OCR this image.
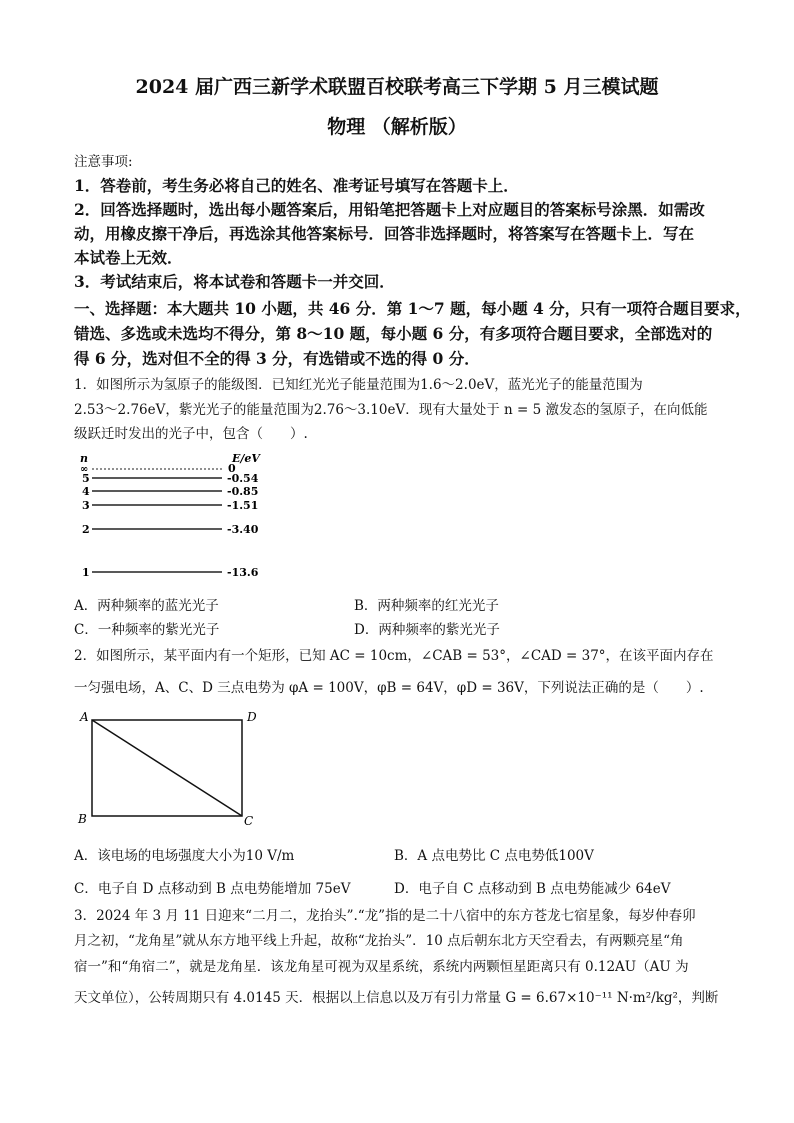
2024 届广西三新学术联盟百校联考高三下学期 5 月三模试题
物理 （解析版）
注意事项:
1．答卷前，考生务必将自己的姓名、准考证号填写在答题卡上．
2．回答选择题时，选出每小题答案后，用铅笔把答题卡上对应题目的答案标号涂黑．如需改
动，用橡皮擦干净后，再选涂其他答案标号．回答非选择题时，将答案写在答题卡上．写在
本试卷上无效．
3．考试结束后，将本试卷和答题卡一并交回．
一、选择题：本大题共 10 小题，共 46 分．第 1～7 题，每小题 4 分，只有一项符合题目要求，
错选、多选或未选均不得分，第 8～10 题，每小题 6 分，有多项符合题目要求，全部选对的
得 6 分，选对但不全的得 3 分，有选错或不选的得 0 分．
1．如图所示为氢原子的能级图．已知红光光子能量范围为1.6～2.0eV，蓝光光子的能量范围为
2.53～2.76eV，紫光光子的能量范围为2.76～3.10eV．现有大量处于 n = 5 激发态的氢原子，在向低能
级跃迁时发出的光子中，包含（　　）.
n	E/eV
∞	0
5	-0.54
4	-0.85
3	-1.51
2	-3.40
1	-13.6
A．两种频率的蓝光光子	B．两种频率的红光光子
C．一种频率的紫光光子	D．两种频率的紫光光子
2．如图所示，某平面内有一个矩形，已知 AC = 10cm，∠CAB = 53°，∠CAD = 37°，在该平面内存在
一匀强电场，A、C、D 三点电势为 φA = 100V，φB = 64V，φD = 36V，下列说法正确的是（　　）.
A	D
B	C
A．该电场的电场强度大小为10 V/m	B．A 点电势比 C 点电势低100V
C．电子自 D 点移动到 B 点电势能增加 75eV	D．电子自 C 点移动到 B 点电势能减少 64eV
3．2024 年 3 月 11 日迎来“二月二，龙抬头”.“龙”指的是二十八宿中的东方苍龙七宿星象，每岁仲春卯
月之初，“龙角星”就从东方地平线上升起，故称“龙抬头”．10 点后朝东北方天空看去，有两颗亮星“角
宿一”和“角宿二”，就是龙角星．该龙角星可视为双星系统，系统内两颗恒星距离只有 0.12AU（AU 为
天文单位），公转周期只有 4.0145 天．根据以上信息以及万有引力常量 G = 6.67×10⁻¹¹ N·m²/kg²，判断
